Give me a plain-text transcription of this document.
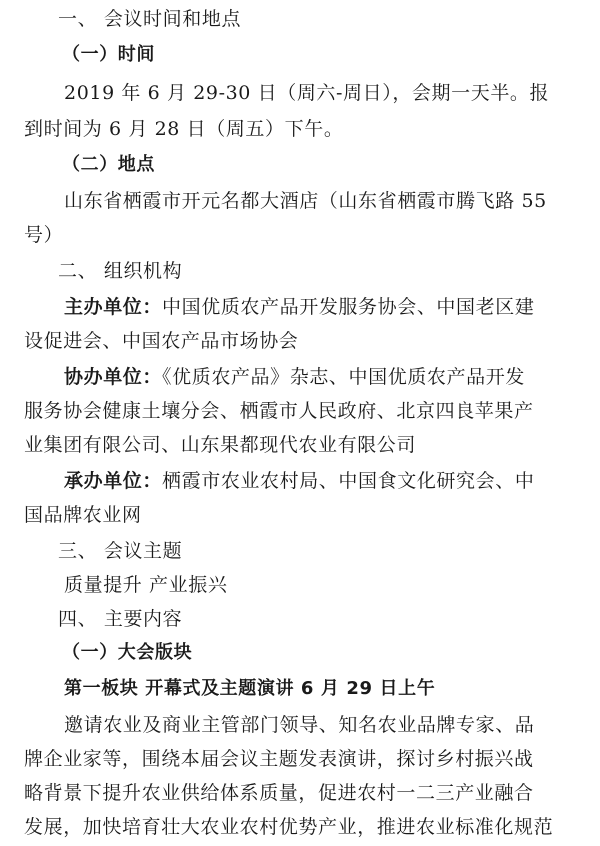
一、 会议时间和地点
（一）时间
2019 年 6 月 29-30 日（周六-周日），会期一天半。报
到时间为 6 月 28 日（周五）下午。
（二）地点
山东省栖霞市开元名都大酒店（山东省栖霞市腾飞路 55
号）
二、 组织机构
主办单位：中国优质农产品开发服务协会、中国老区建
设促进会、中国农产品市场协会
协办单位：《优质农产品》杂志、中国优质农产品开发
服务协会健康土壤分会、栖霞市人民政府、北京四良苹果产
业集团有限公司、山东果都现代农业有限公司
承办单位：栖霞市农业农村局、中国食文化研究会、中
国品牌农业网
三、 会议主题
质量提升 产业振兴
四、 主要内容
（一）大会版块
第一板块 开幕式及主题演讲 6 月 29 日上午
邀请农业及商业主管部门领导、知名农业品牌专家、品
牌企业家等，围绕本届会议主题发表演讲，探讨乡村振兴战
略背景下提升农业供给体系质量，促进农村一二三产业融合
发展，加快培育壮大农业农村优势产业，推进农业标准化规范
